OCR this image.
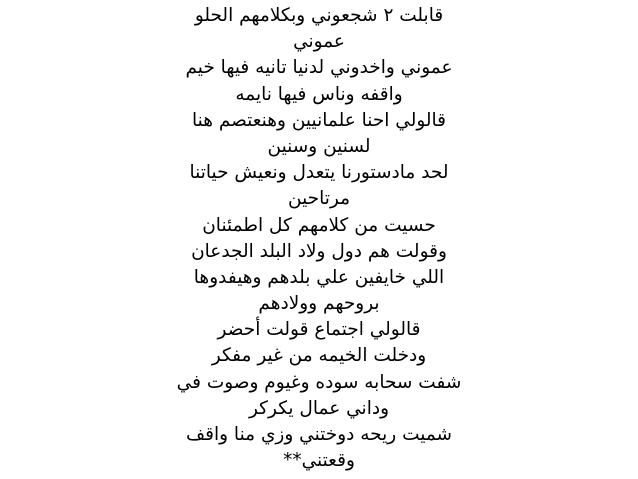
قابلت ٢ شجعوني وبكلامهم الحلو
عموني
عموني واخدوني لدنيا تانيه فيها خيم
واقفه وناس فيها نايمه
قالولي احنا علمانيين وهنعتصم هنا
لسنين وسنين
لحد مادستورنا يتعدل ونعيش حياتنا
مرتاحين
حسيت من كلامهم كل اطمئنان
وقولت هم دول ولاد البلد الجدعان
اللي خايفين علي بلدهم وهيفدوها
بروحهم وولادهم
قالولي اجتماع قولت أحضر
ودخلت الخيمه من غير مفكر
شفت سحابه سوده وغيوم وصوت في
وداني عمال يكركر
شميت ريحه دوختني وزي منا واقف
وقعتني**
